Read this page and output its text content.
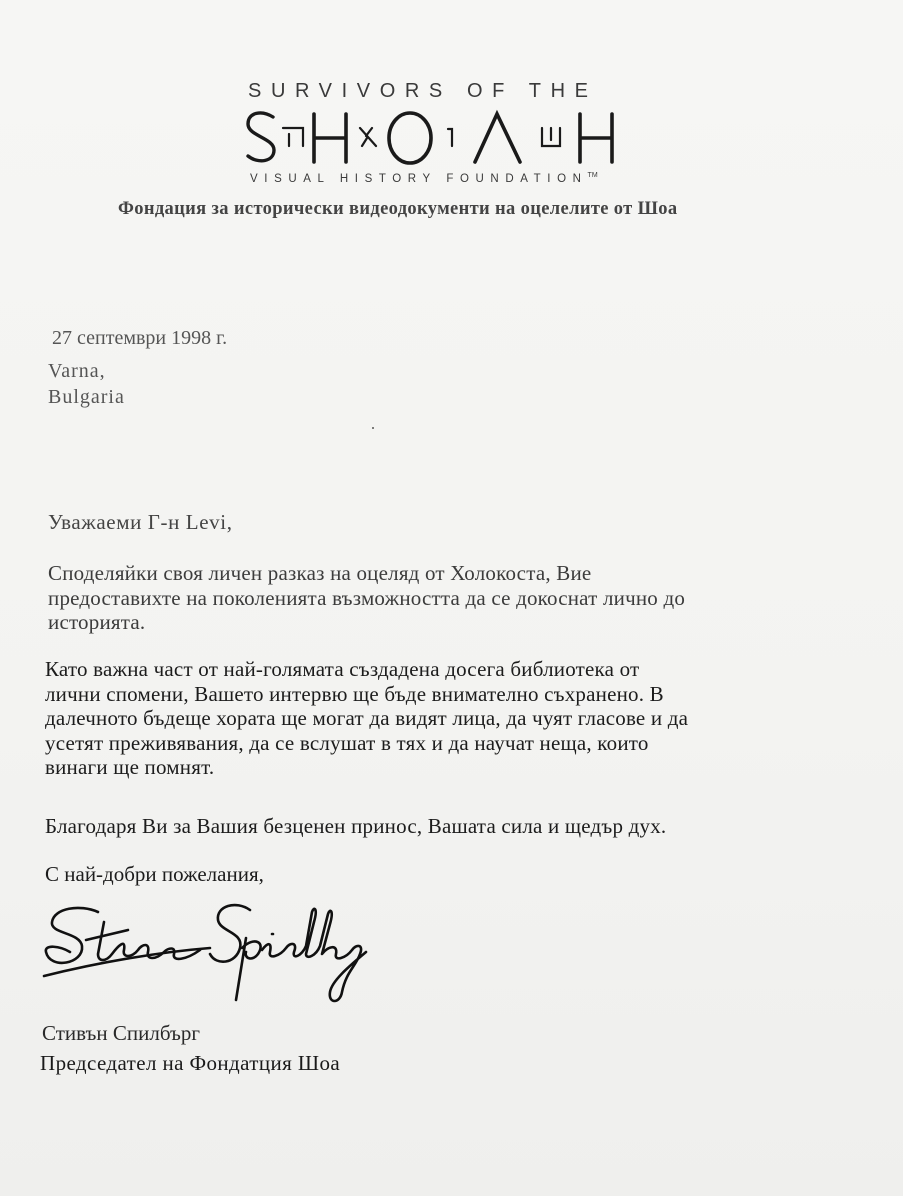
SURVIVORS OF THE
VISUAL HISTORY FOUNDATION™
Фондация за исторически видеодокументи на оцелелите от Шоа
27 септември 1998 г.
Varna,
Bulgaria
Уважаеми Г-н Levi,
Споделяйки своя личен разказ на оцеляд от Холокоста, Вие
предоставихте на поколенията възможността да се докоснат лично до
историята.
Като важна част от най-голямата създадена досега библиотека от
лични спомени, Вашето интервю ще бъде внимателно съхранено. В
далечното бъдеще хората ще могат да видят лица, да чуят гласове и да
усетят преживявания, да се вслушат в тях и да научат неща, които
винаги ще помнят.
Благодаря Ви за Вашия безценен принос, Вашата сила и щедър дух.
С най-добри пожелания,
Стивън Спилбърг
Председател на Фондатция Шоа
